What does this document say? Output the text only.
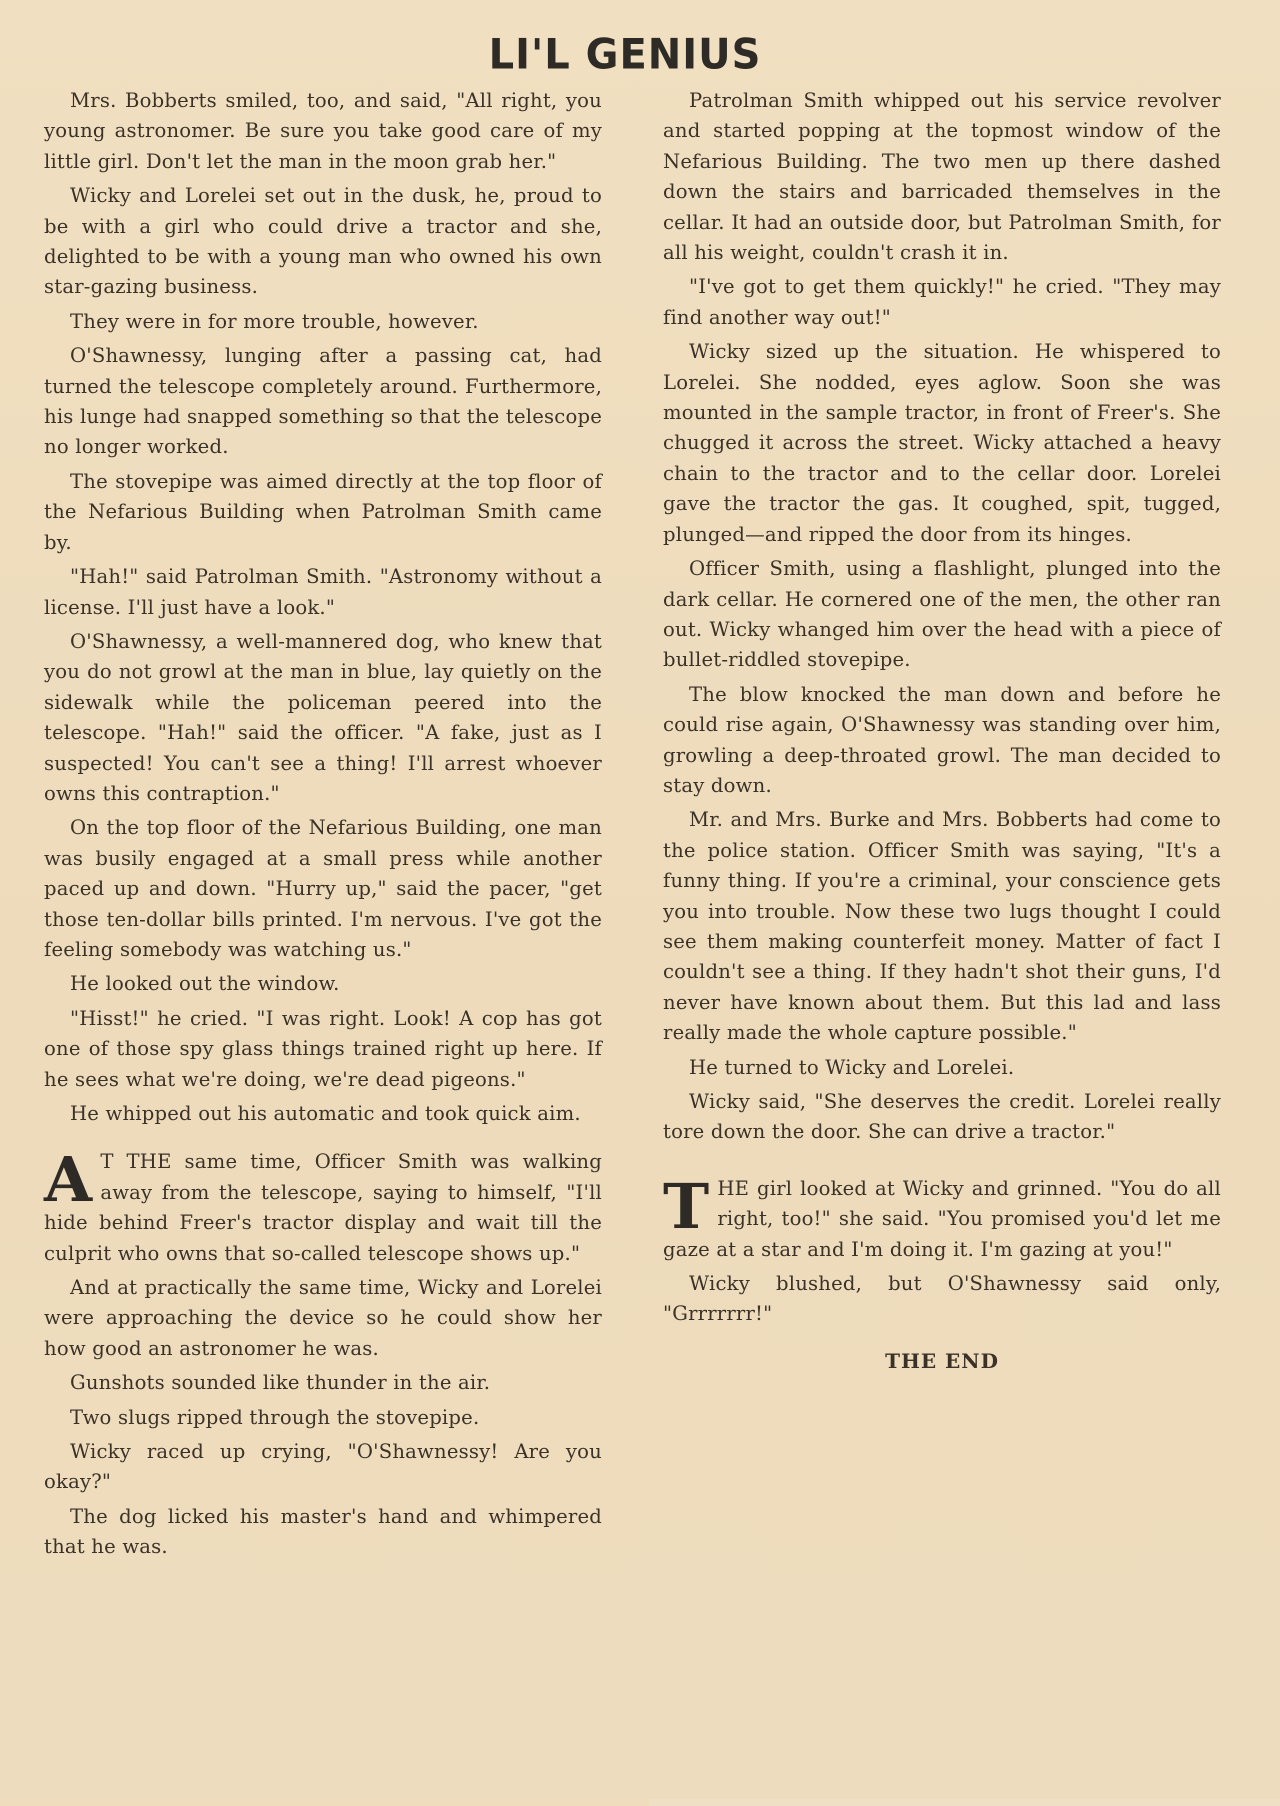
LI'L GENIUS

Mrs. Bobberts smiled, too, and said, "All right, you young astronomer. Be sure you take good care of my little girl. Don't let the man in the moon grab her."

Wicky and Lorelei set out in the dusk, he, proud to be with a girl who could drive a tractor and she, delighted to be with a young man who owned his own star-gazing business.

They were in for more trouble, however.

O'Shawnessy, lunging after a passing cat, had turned the telescope completely around. Furthermore, his lunge had snapped something so that the telescope no longer worked.

The stovepipe was aimed directly at the top floor of the Nefarious Building when Patrolman Smith came by.

"Hah!" said Patrolman Smith. "Astronomy without a license. I'll just have a look."

O'Shawnessy, a well-mannered dog, who knew that you do not growl at the man in blue, lay quietly on the sidewalk while the policeman peered into the telescope. "Hah!" said the officer. "A fake, just as I suspected! You can't see a thing! I'll arrest whoever owns this contraption."

On the top floor of the Nefarious Building, one man was busily engaged at a small press while another paced up and down. "Hurry up," said the pacer, "get those ten-dollar bills printed. I'm nervous. I've got the feeling somebody was watching us."

He looked out the window.

"Hisst!" he cried. "I was right. Look! A cop has got one of those spy glass things trained right up here. If he sees what we're doing, we're dead pigeons."

He whipped out his automatic and took quick aim.

A T THE same time, Officer Smith was walking away from the telescope, saying to himself, "I'll hide behind Freer's tractor display and wait till the culprit who owns that so-called telescope shows up."

And at practically the same time, Wicky and Lorelei were approaching the device so he could show her how good an astronomer he was.

Gunshots sounded like thunder in the air.

Two slugs ripped through the stovepipe.

Wicky raced up crying, "O'Shawnessy! Are you okay?"

The dog licked his master's hand and whimpered that he was.

Patrolman Smith whipped out his service revolver and started popping at the topmost window of the Nefarious Building. The two men up there dashed down the stairs and barricaded themselves in the cellar. It had an outside door, but Patrolman Smith, for all his weight, couldn't crash it in.

"I've got to get them quickly!" he cried. "They may find another way out!"

Wicky sized up the situation. He whispered to Lorelei. She nodded, eyes aglow. Soon she was mounted in the sample tractor, in front of Freer's. She chugged it across the street. Wicky attached a heavy chain to the tractor and to the cellar door. Lorelei gave the tractor the gas. It coughed, spit, tugged, plunged—and ripped the door from its hinges.

Officer Smith, using a flashlight, plunged into the dark cellar. He cornered one of the men, the other ran out. Wicky whanged him over the head with a piece of bullet-riddled stovepipe.

The blow knocked the man down and before he could rise again, O'Shawnessy was standing over him, growling a deep-throated growl. The man decided to stay down.

Mr. and Mrs. Burke and Mrs. Bobberts had come to the police station. Officer Smith was saying, "It's a funny thing. If you're a criminal, your conscience gets you into trouble. Now these two lugs thought I could see them making counterfeit money. Matter of fact I couldn't see a thing. If they hadn't shot their guns, I'd never have known about them. But this lad and lass really made the whole capture possible."

He turned to Wicky and Lorelei.

Wicky said, "She deserves the credit. Lorelei really tore down the door. She can drive a tractor."

THE girl looked at Wicky and grinned. "You do all right, too!" she said. "You promised you'd let me gaze at a star and I'm doing it. I'm gazing at you!"

Wicky blushed, but O'Shawnessy said only, "Grrrrrrr!"

THE END
